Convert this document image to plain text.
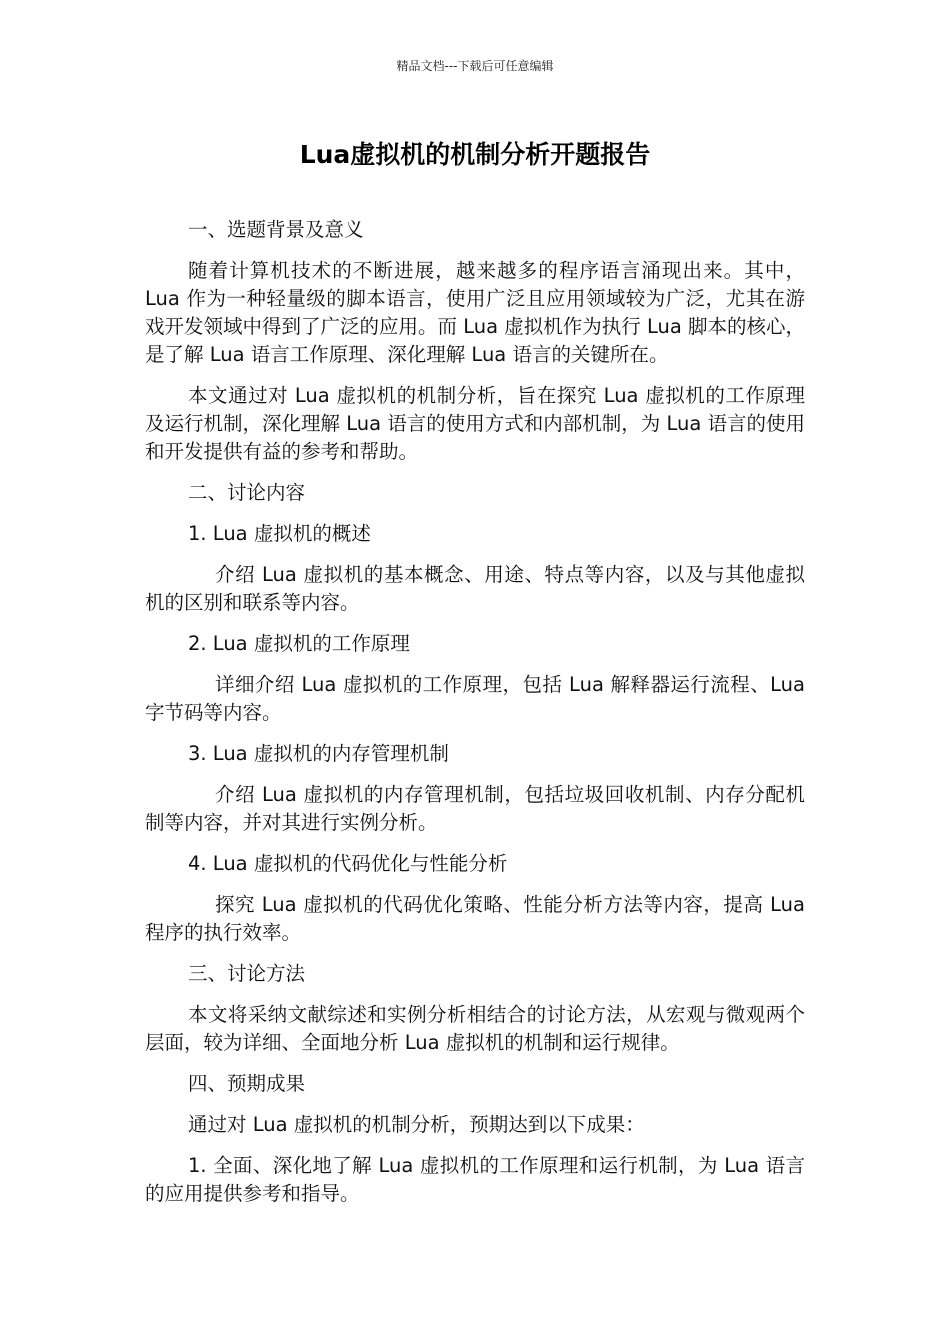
精品文档---下载后可任意编辑
Lua虚拟机的机制分析开题报告

一、选题背景及意义

随着计算机技术的不断进展，越来越多的程序语言涌现出来。其中，Lua 作为一种轻量级的脚本语言，使用广泛且应用领域较为广泛，尤其在游戏开发领域中得到了广泛的应用。而 Lua 虚拟机作为执行 Lua 脚本的核心，是了解 Lua 语言工作原理、深化理解 Lua 语言的关键所在。

本文通过对 Lua 虚拟机的机制分析，旨在探究 Lua 虚拟机的工作原理及运行机制，深化理解 Lua 语言的使用方式和内部机制，为 Lua 语言的使用和开发提供有益的参考和帮助。

二、讨论内容

1. Lua 虚拟机的概述

介绍 Lua 虚拟机的基本概念、用途、特点等内容，以及与其他虚拟机的区别和联系等内容。

2. Lua 虚拟机的工作原理

详细介绍 Lua 虚拟机的工作原理，包括 Lua 解释器运行流程、Lua 字节码等内容。

3. Lua 虚拟机的内存管理机制

介绍 Lua 虚拟机的内存管理机制，包括垃圾回收机制、内存分配机制等内容，并对其进行实例分析。

4. Lua 虚拟机的代码优化与性能分析

探究 Lua 虚拟机的代码优化策略、性能分析方法等内容，提高 Lua 程序的执行效率。

三、讨论方法

本文将采纳文献综述和实例分析相结合的讨论方法，从宏观与微观两个层面，较为详细、全面地分析 Lua 虚拟机的机制和运行规律。

四、预期成果

通过对 Lua 虚拟机的机制分析，预期达到以下成果：

1. 全面、深化地了解 Lua 虚拟机的工作原理和运行机制，为 Lua 语言的应用提供参考和指导。
